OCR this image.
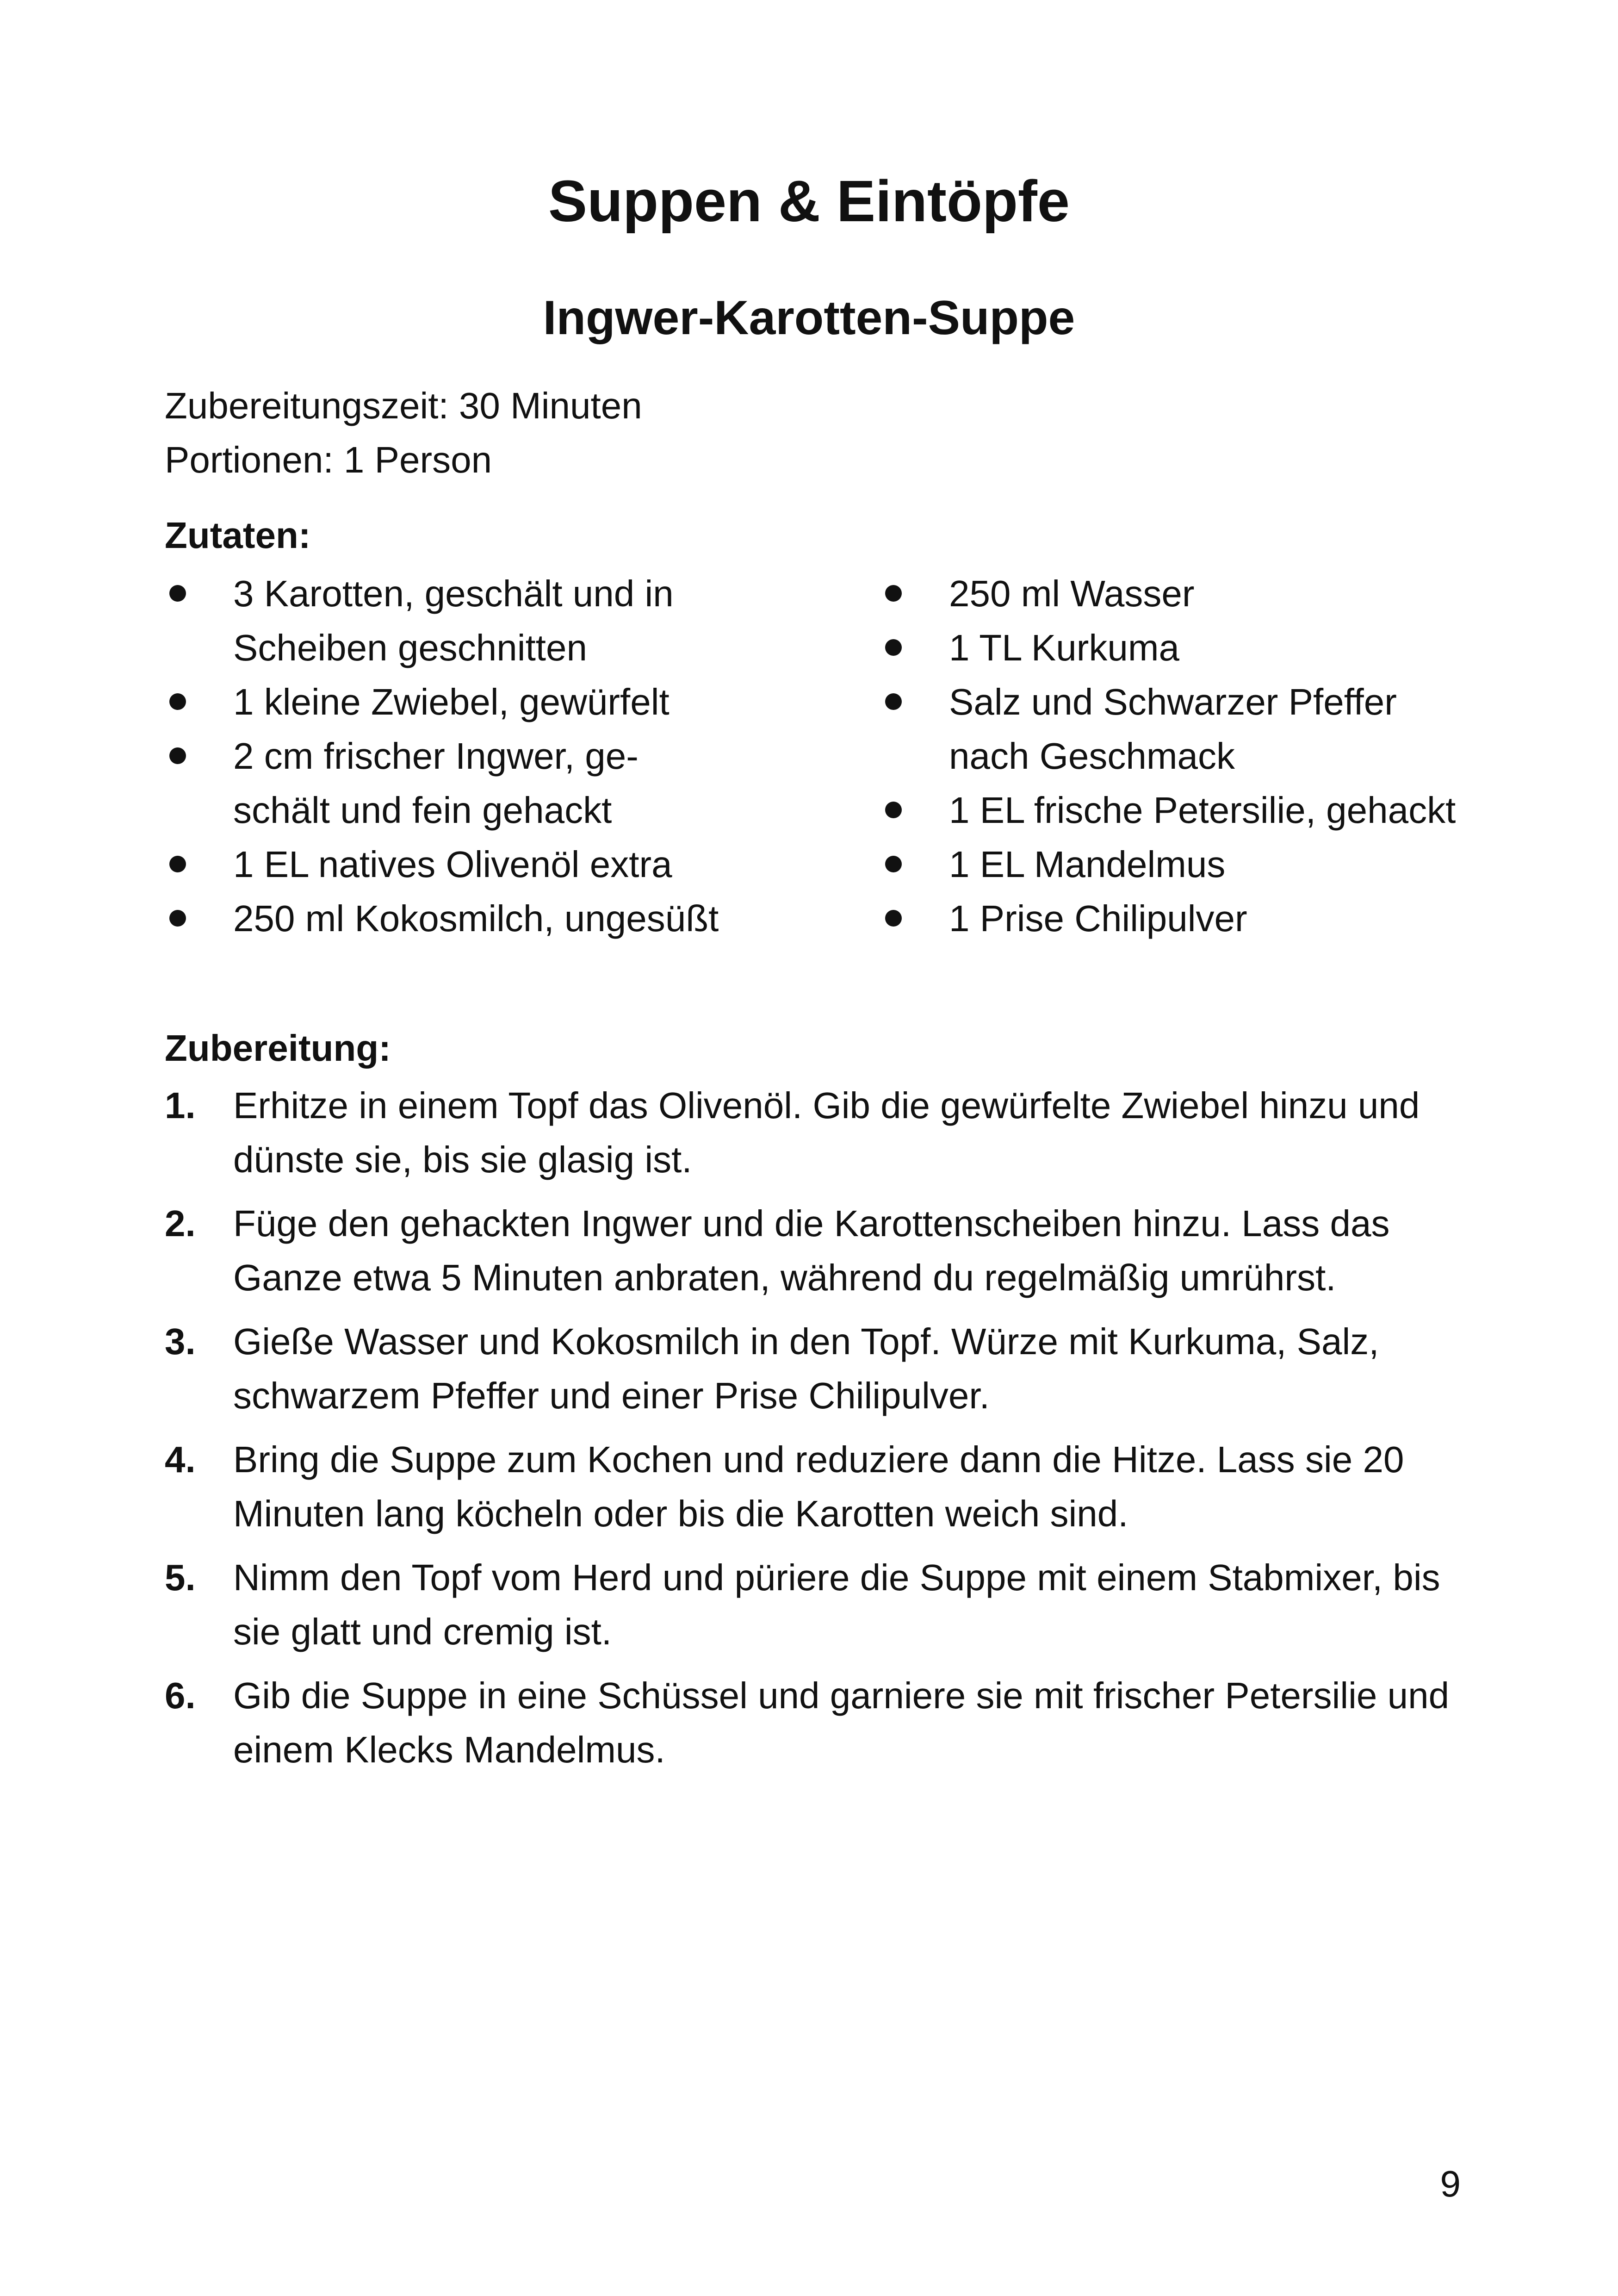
Suppen & Eintöpfe
Ingwer-Karotten-Suppe
Zubereitungszeit: 30 Minuten
Portionen: 1 Person
Zutaten:
3 Karotten, geschält und in Scheiben geschnitten
1 kleine Zwiebel, gewürfelt
2 cm frischer Ingwer, geschält und fein gehackt
1 EL natives Olivenöl extra
250 ml Kokosmilch, ungesüßt
250 ml Wasser
1 TL Kurkuma
Salz und Schwarzer Pfeffer nach Geschmack
1 EL frische Petersilie, gehackt
1 EL Mandelmus
1 Prise Chilipulver
Zubereitung:
1. Erhitze in einem Topf das Olivenöl. Gib die gewürfelte Zwiebel hinzu und dünste sie, bis sie glasig ist.
2. Füge den gehackten Ingwer und die Karottenscheiben hinzu. Lass das Ganze etwa 5 Minuten anbraten, während du regelmäßig umrührst.
3. Gieße Wasser und Kokosmilch in den Topf. Würze mit Kurkuma, Salz, schwarzem Pfeffer und einer Prise Chilipulver.
4. Bring die Suppe zum Kochen und reduziere dann die Hitze. Lass sie 20 Minuten lang köcheln oder bis die Karotten weich sind.
5. Nimm den Topf vom Herd und püriere die Suppe mit einem Stabmixer, bis sie glatt und cremig ist.
6. Gib die Suppe in eine Schüssel und garniere sie mit frischer Petersilie und einem Klecks Mandelmus.
9
